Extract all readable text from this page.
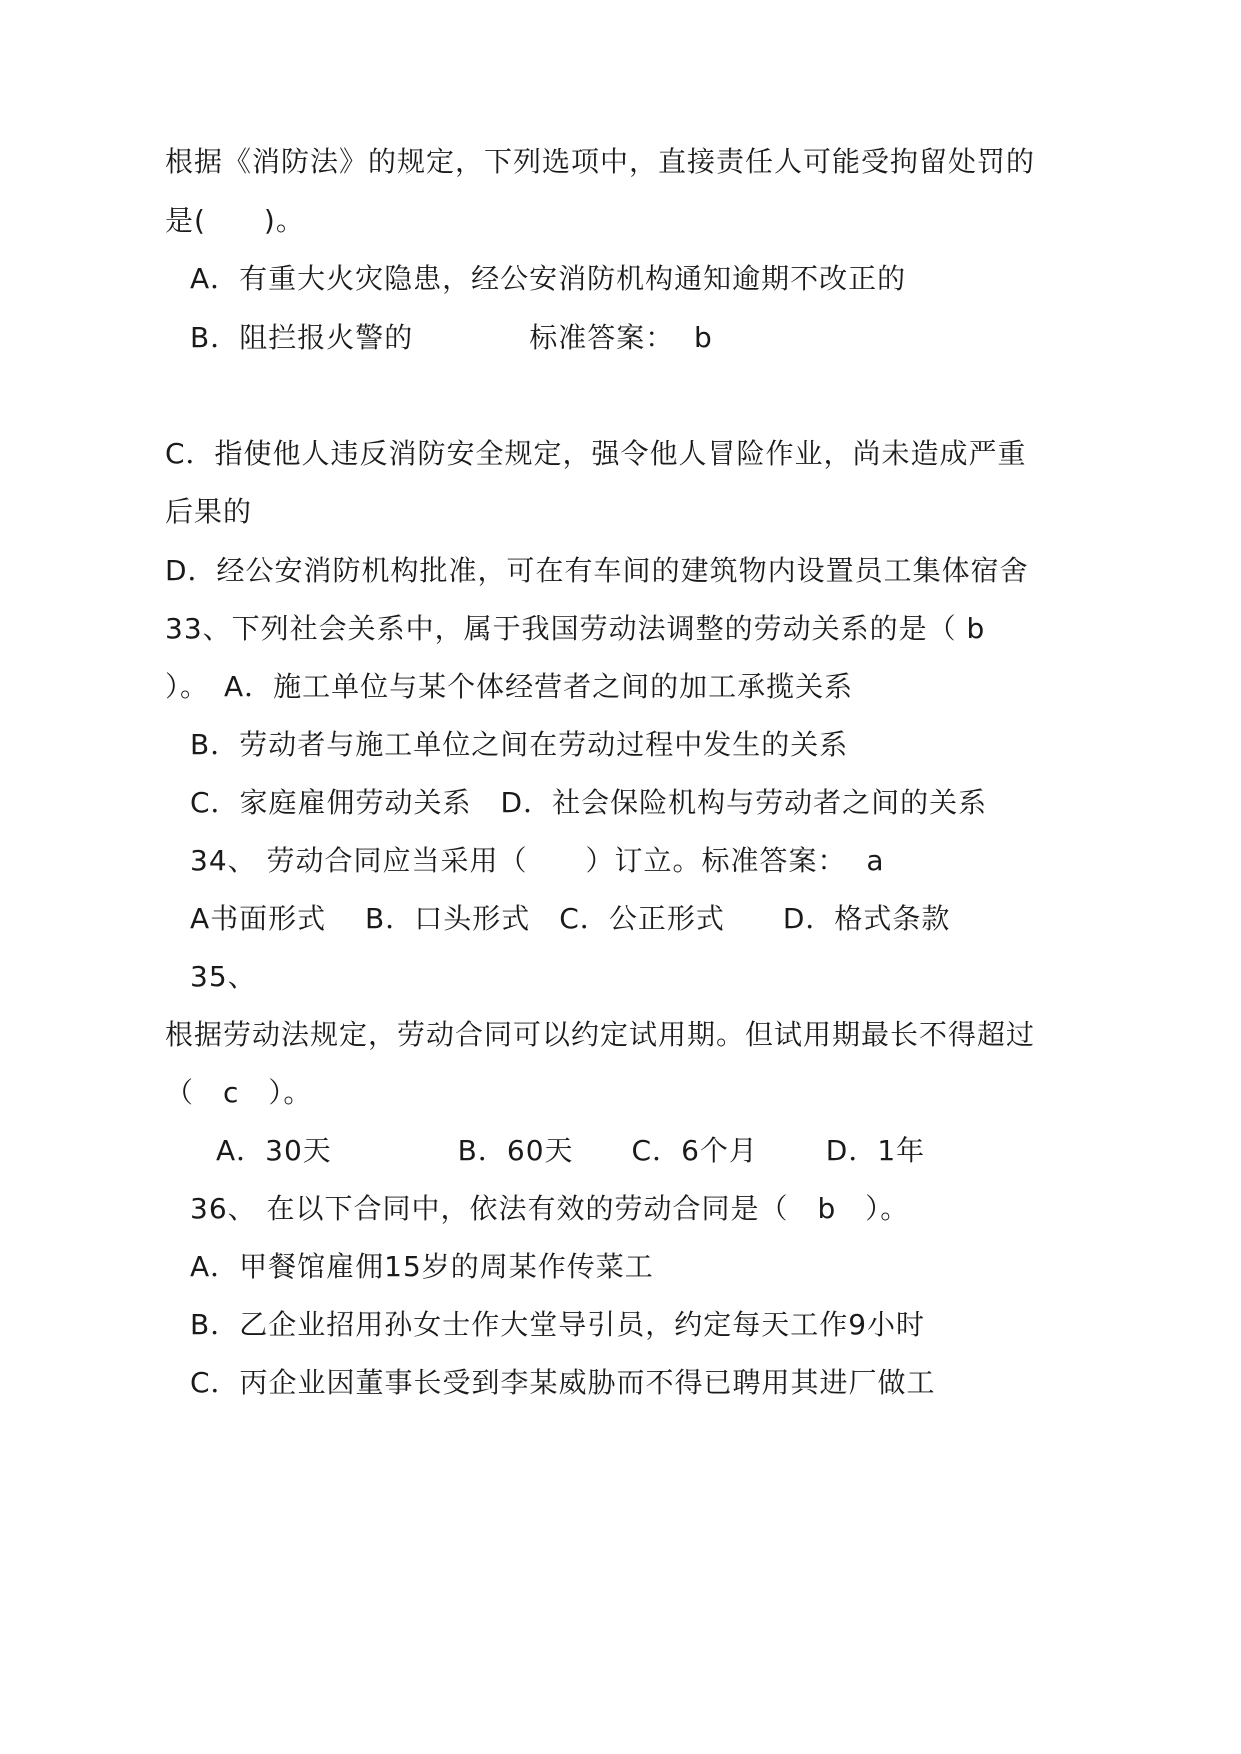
根据《消防法》的规定，下列选项中，直接责任人可能受拘留处罚的
是(　　)。
A．有重大火灾隐患，经公安消防机构通知逾期不改正的
B．阻拦报火警的　　　　标准答案：  b
C．指使他人违反消防安全规定，强令他人冒险作业，尚未造成严重
后果的
D．经公安消防机构批准，可在有车间的建筑物内设置员工集体宿舍
33、下列社会关系中，属于我国劳动法调整的劳动关系的是（ b
）。　A．施工单位与某个体经营者之间的加工承揽关系
B．劳动者与施工单位之间在劳动过程中发生的关系
C．家庭雇佣劳动关系　D．社会保险机构与劳动者之间的关系
34、 劳动合同应当采用（　　）订立。标准答案：  a
A书面形式　 B．口头形式　C．公正形式　　D．格式条款
35、
根据劳动法规定，劳动合同可以约定试用期。但试用期最长不得超过
（　c　）。
A．30天　　　　 B．60天　　C．6个月　　 D．1年
36、 在以下合同中，依法有效的劳动合同是（　b　）。
A．甲餐馆雇佣15岁的周某作传菜工
B．乙企业招用孙女士作大堂导引员，约定每天工作9小时
C．丙企业因董事长受到李某威胁而不得已聘用其进厂做工
